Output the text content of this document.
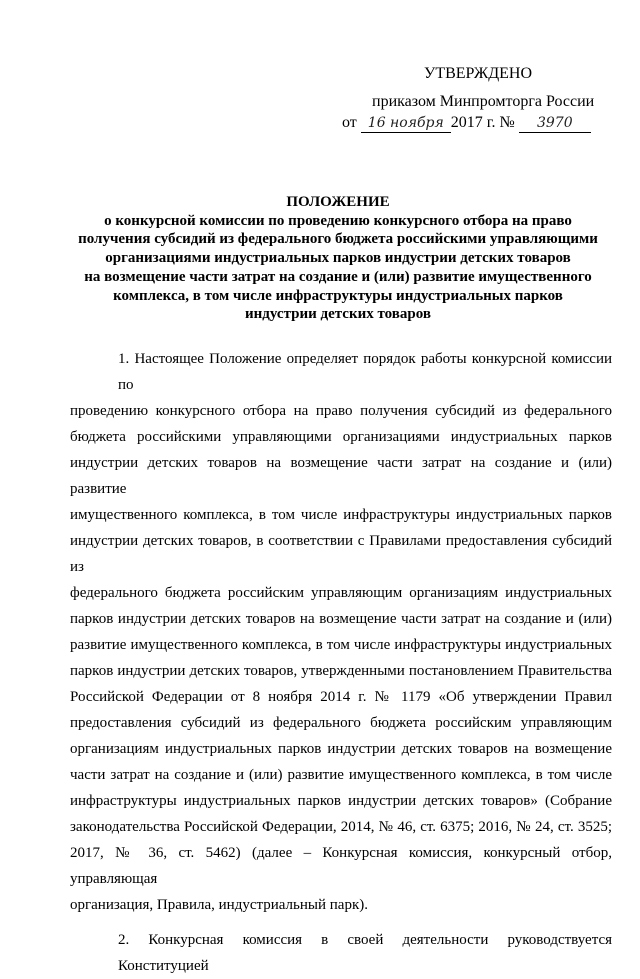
УТВЕРЖДЕНО
приказом Минпромторга России
от 16 ноября 2017 г. № 3970
ПОЛОЖЕНИЕ
о конкурсной комиссии по проведению конкурсного отбора на право
получения субсидий из федерального бюджета российскими управляющими
организациями индустриальных парков индустрии детских товаров
на возмещение части затрат на создание и (или) развитие имущественного
комплекса, в том числе инфраструктуры индустриальных парков
индустрии детских товаров
1. Настоящее Положение определяет порядок работы конкурсной комиссии по
проведению конкурсного отбора на право получения субсидий из федерального
бюджета российскими управляющими организациями индустриальных парков
индустрии детских товаров на возмещение части затрат на создание и (или) развитие
имущественного комплекса, в том числе инфраструктуры индустриальных парков
индустрии детских товаров, в соответствии с Правилами предоставления субсидий из
федерального бюджета российским управляющим организациям индустриальных
парков индустрии детских товаров на возмещение части затрат на создание и (или)
развитие имущественного комплекса, в том числе инфраструктуры индустриальных
парков индустрии детских товаров, утвержденными постановлением Правительства
Российской Федерации от 8 ноября 2014 г. № 1179 «Об утверждении Правил
предоставления субсидий из федерального бюджета российским управляющим
организациям индустриальных парков индустрии детских товаров на возмещение
части затрат на создание и (или) развитие имущественного комплекса, в том числе
инфраструктуры индустриальных парков индустрии детских товаров» (Собрание
законодательства Российской Федерации, 2014, № 46, ст. 6375; 2016, № 24, ст. 3525;
2017, № 36, ст. 5462) (далее – Конкурсная комиссия, конкурсный отбор, управляющая
организация, Правила, индустриальный парк).
2. Конкурсная комиссия в своей деятельности руководствуется Конституцией
